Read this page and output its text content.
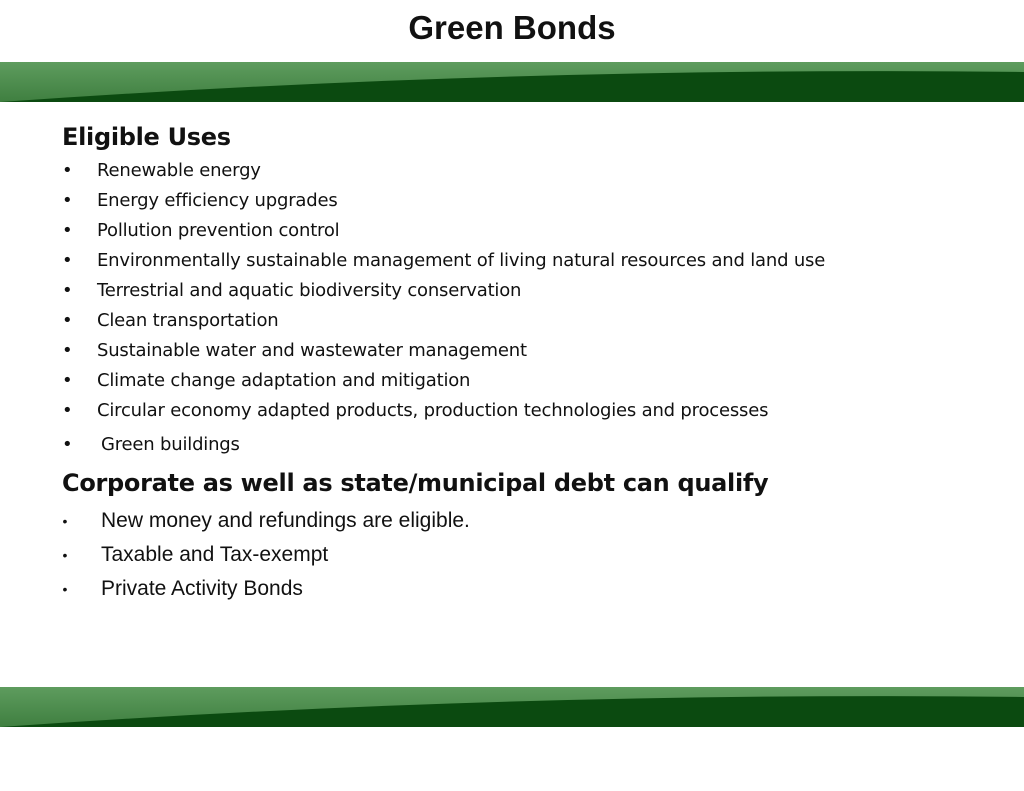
Green Bonds
Eligible Uses
• Renewable energy
• Energy efficiency upgrades
• Pollution prevention control
• Environmentally sustainable management of living natural resources and land use
• Terrestrial and aquatic biodiversity conservation
• Clean transportation
• Sustainable water and wastewater management
• Climate change adaptation and mitigation
• Circular economy adapted products, production technologies and processes
• Green buildings
Corporate as well as state/municipal debt can qualify
• New money and refundings are eligible.
• Taxable and Tax-exempt
• Private Activity Bonds
